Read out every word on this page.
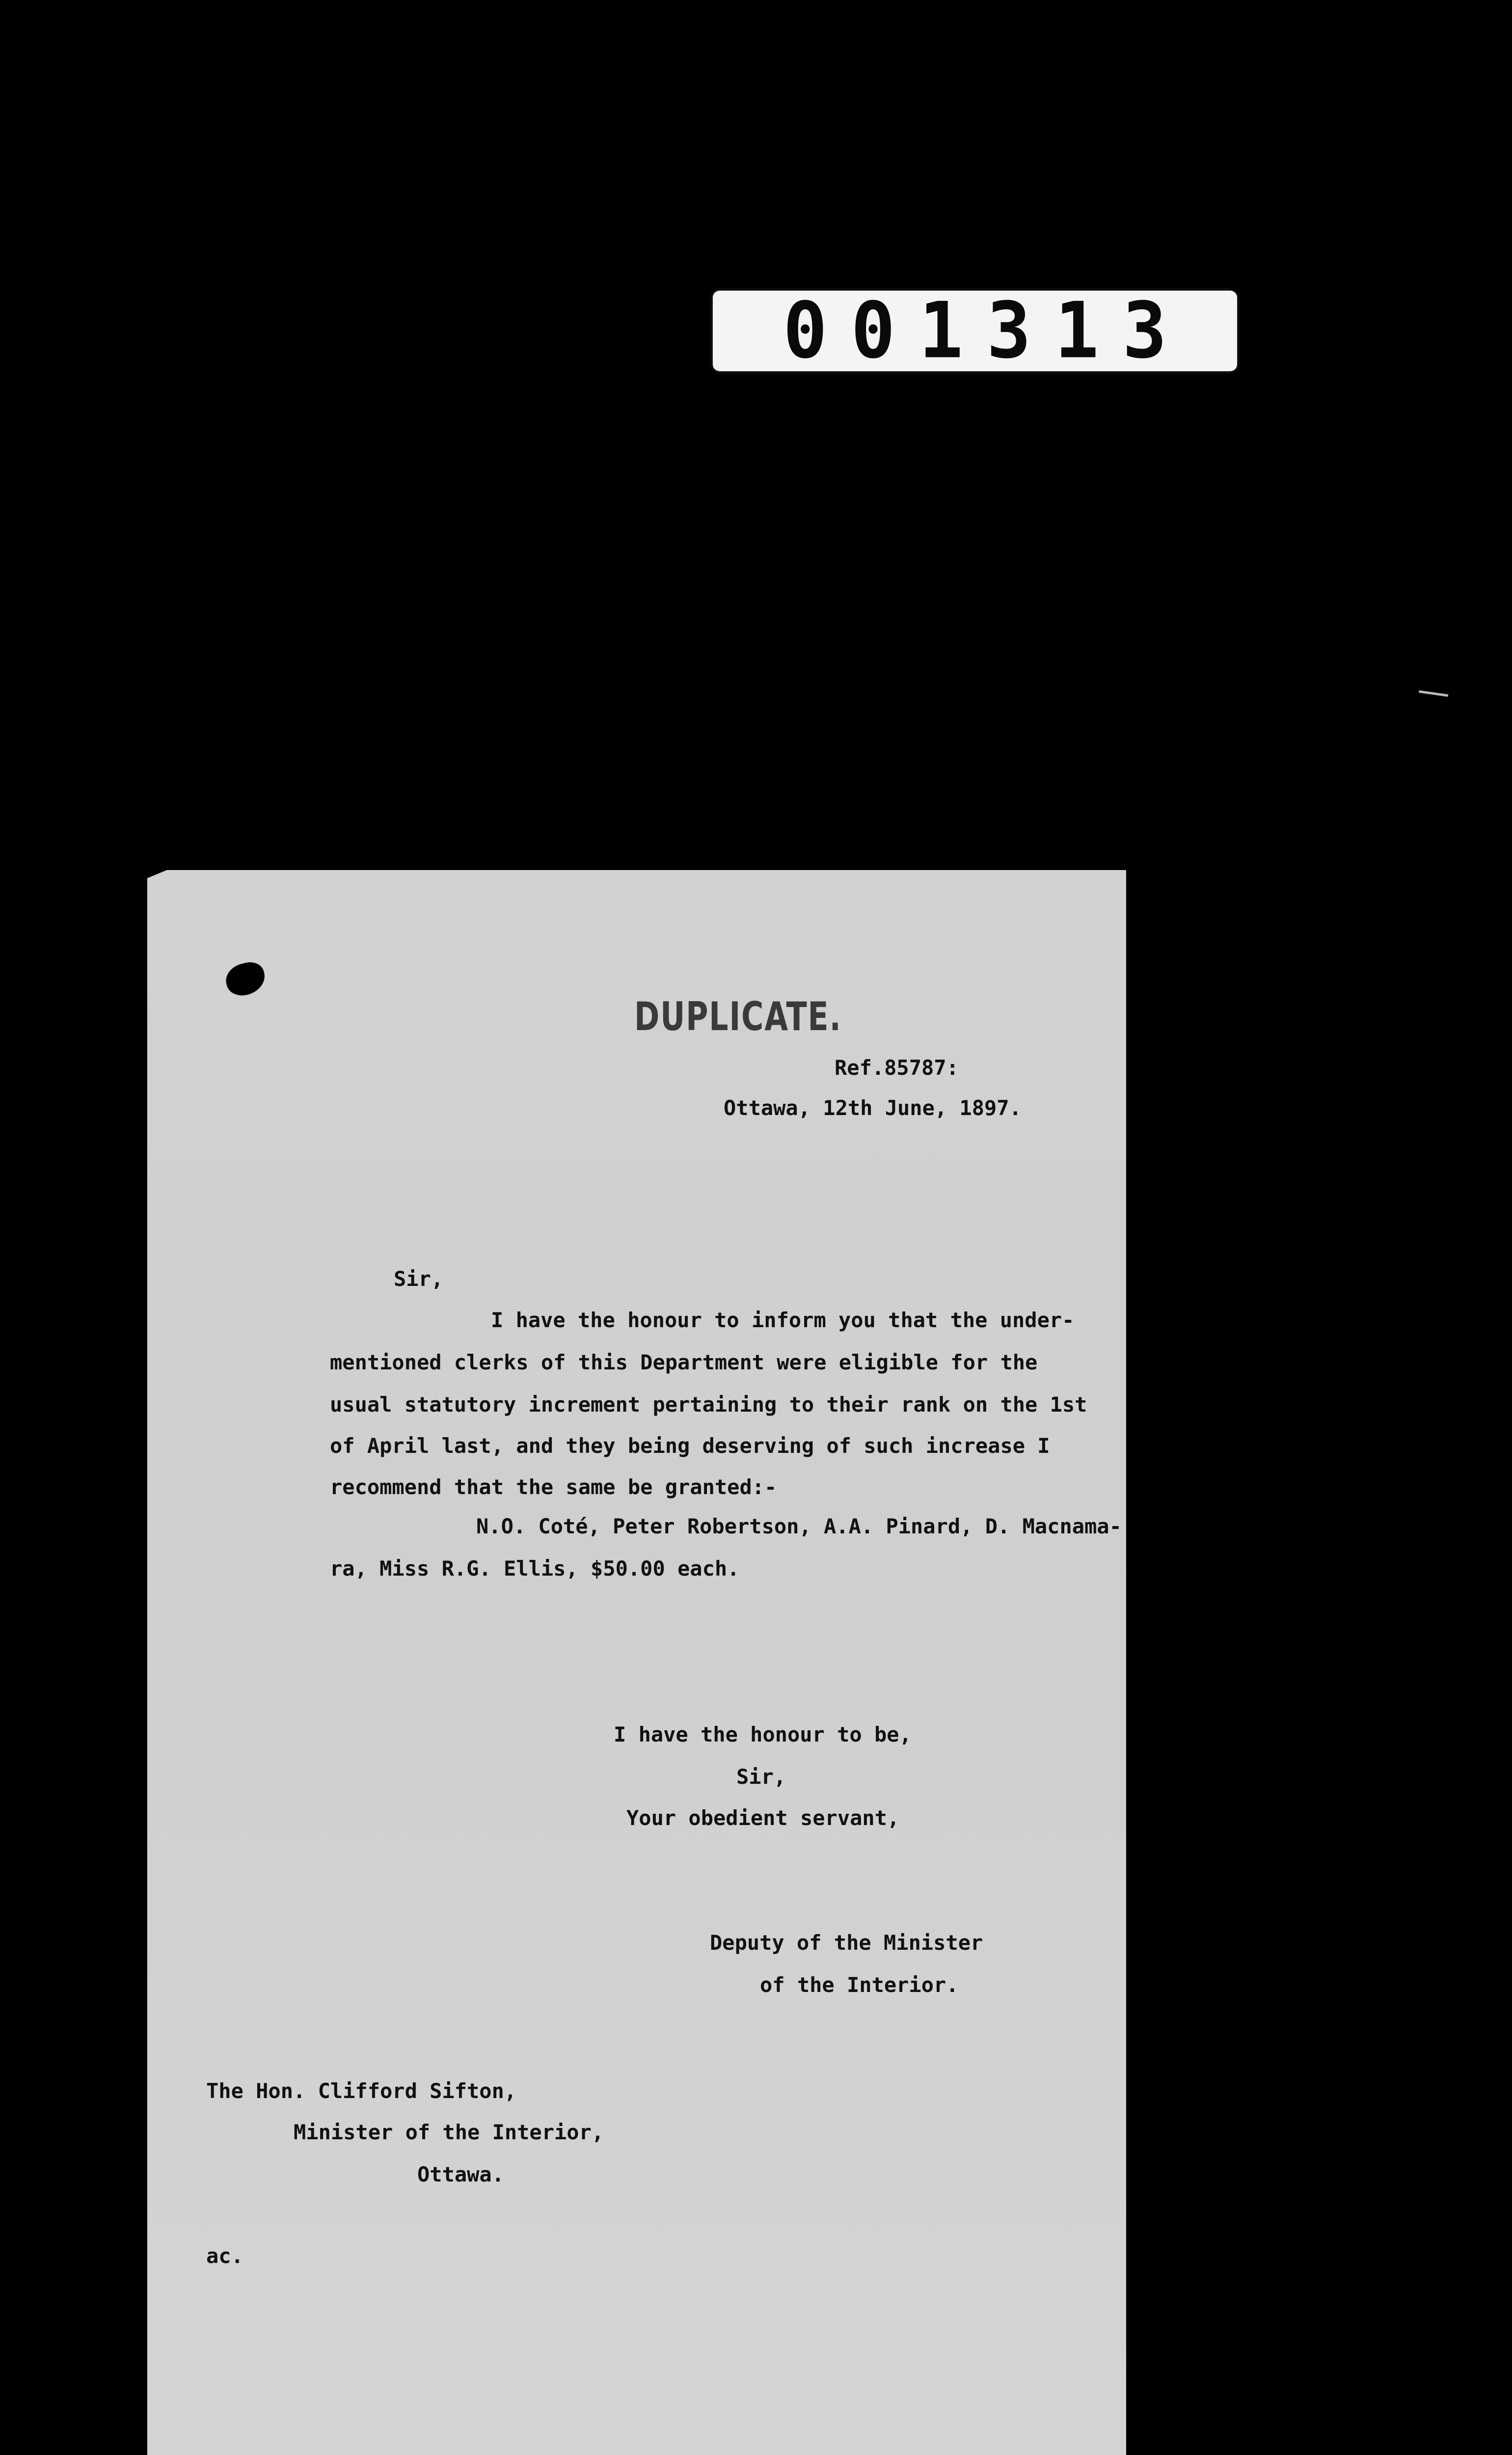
001313

DUPLICATE.
Ref.85787:
Ottawa, 12th June, 1897.
Sir,
I have the honour to inform you that the under-
mentioned clerks of this Department were eligible for the
usual statutory increment pertaining to their rank on the 1st
of April last, and they being deserving of such increase I
recommend that the same be granted:-
N.O. Coté, Peter Robertson, A.A. Pinard, D. Macnama-
ra, Miss R.G. Ellis, $50.00 each.
I have the honour to be,
Sir,
Your obedient servant,
Deputy of the Minister
of the Interior.
The Hon. Clifford Sifton,
Minister of the Interior,
Ottawa.
ac.
